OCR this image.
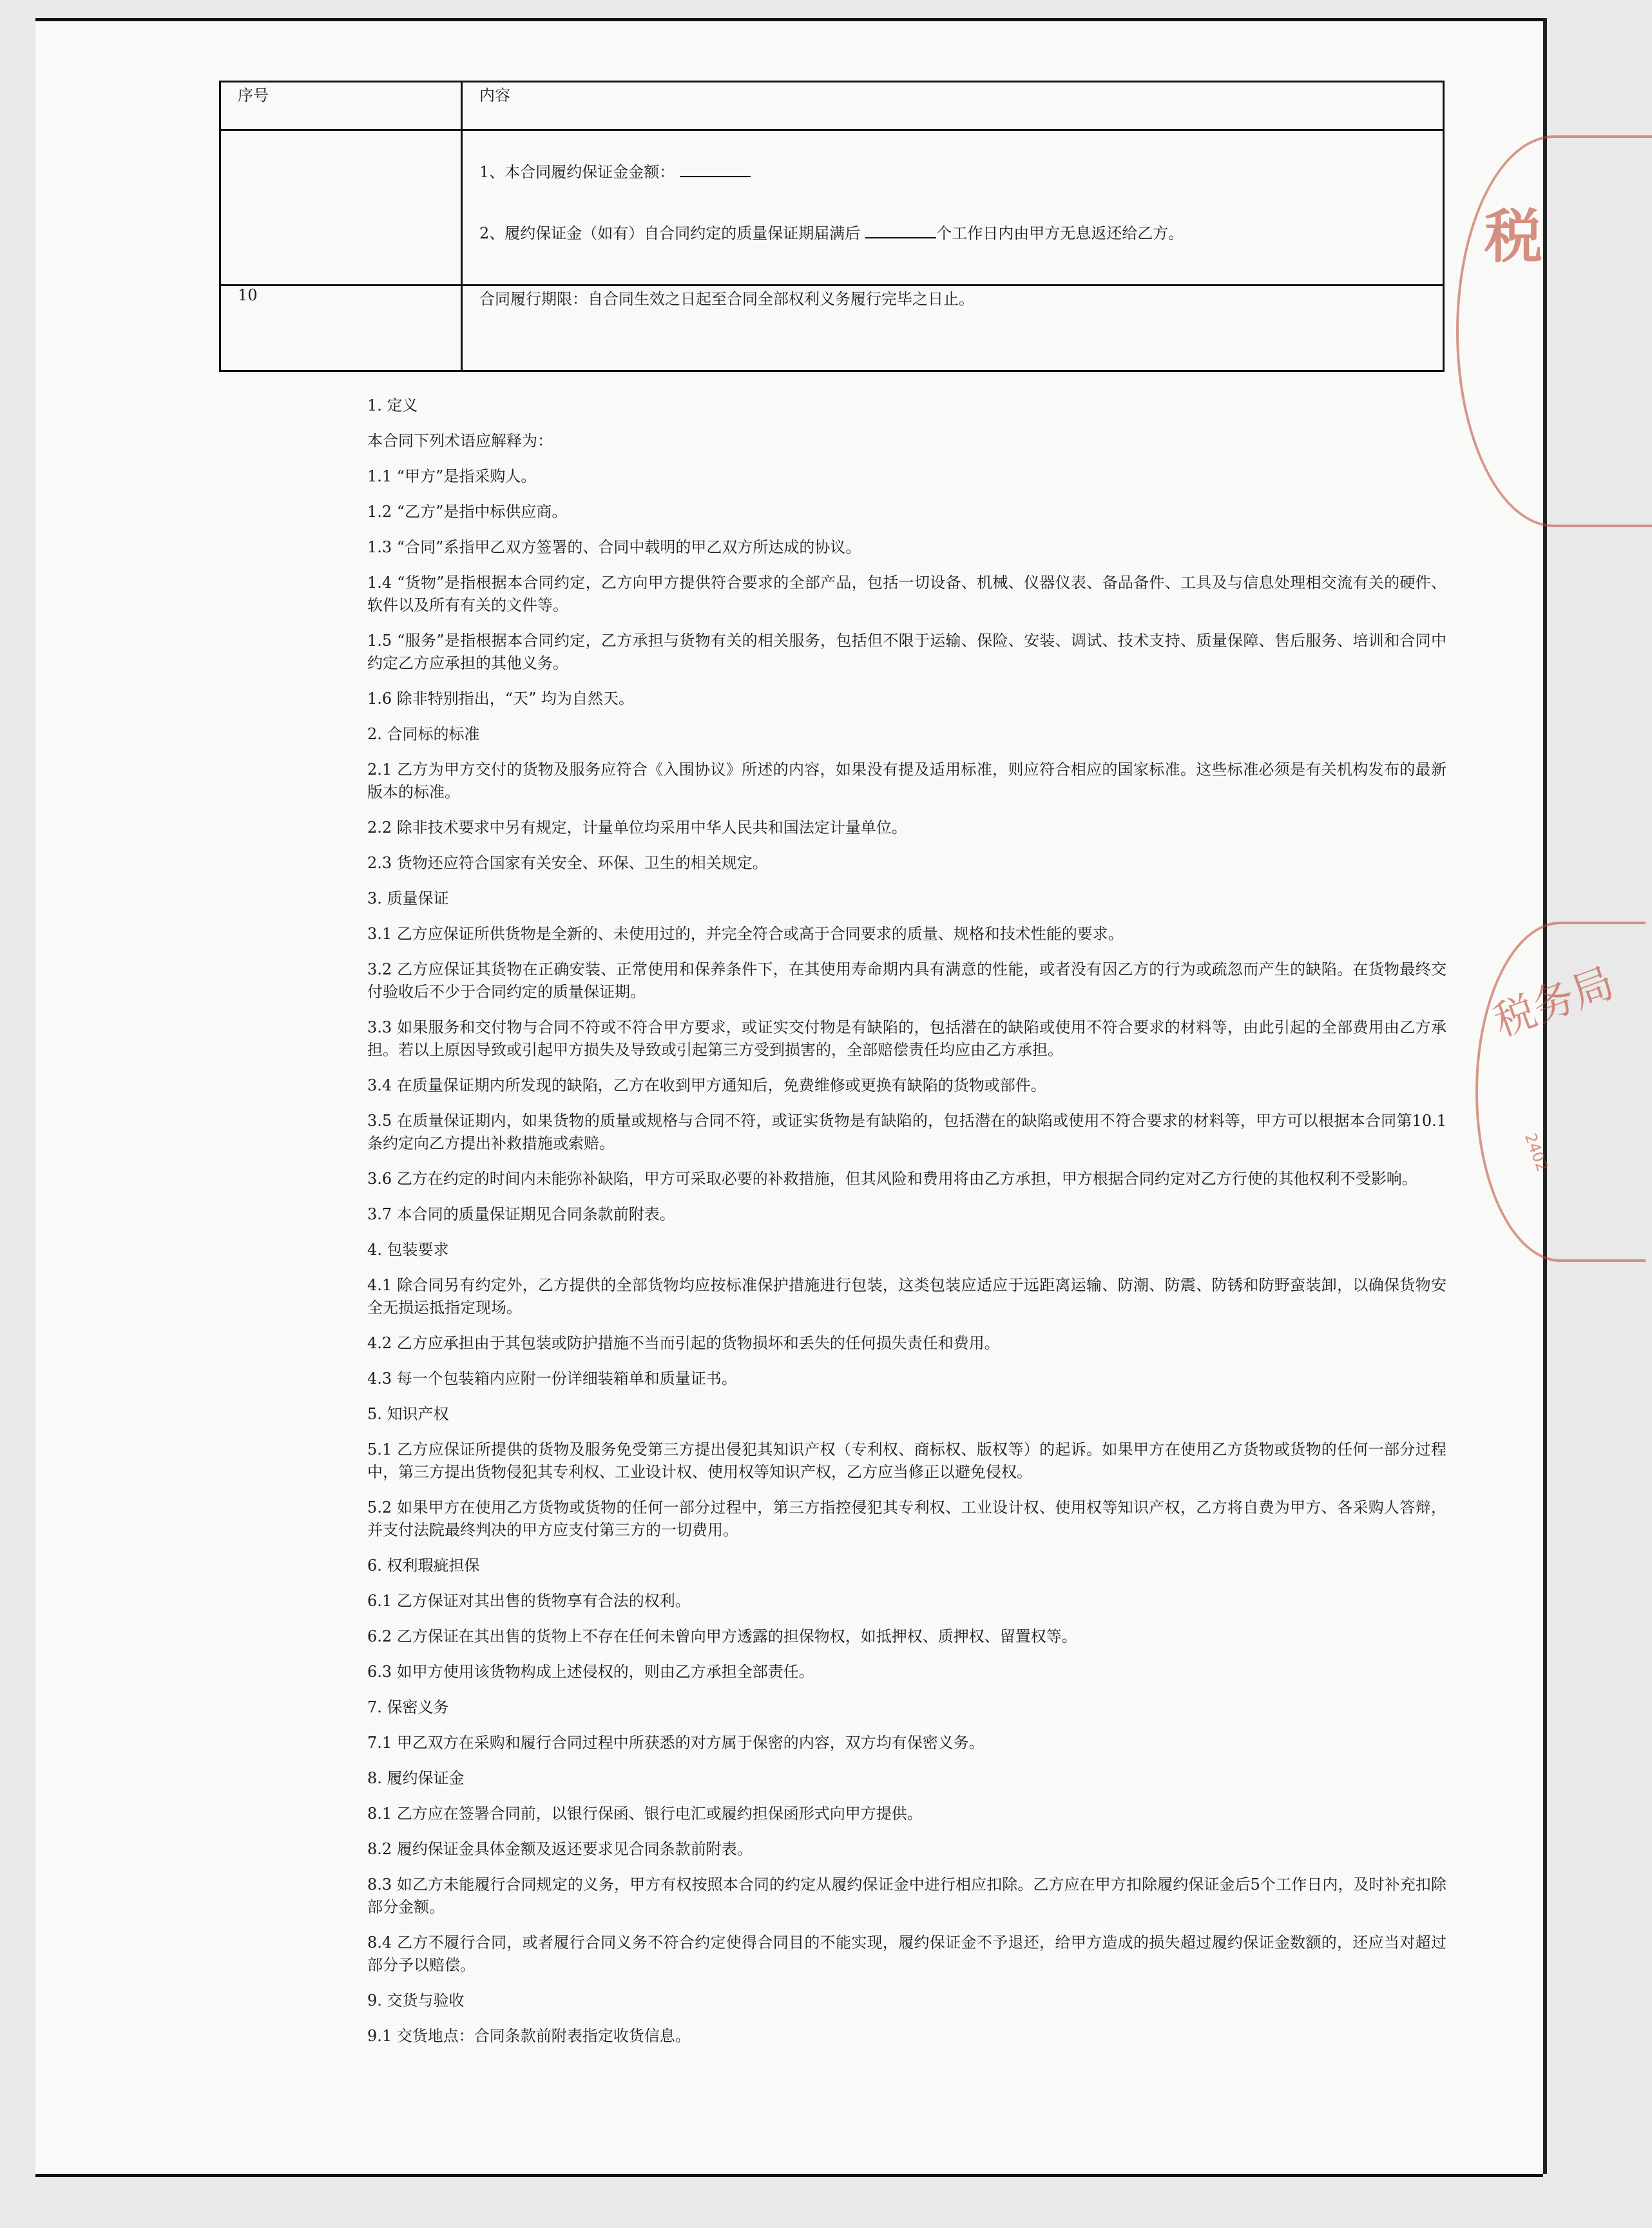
序号	内容

	1、本合同履约保证金金额：
2、履约保证金（如有）自合同约定的质量保证期届满后 个工作日内由甲方无息返还给乙方。

10	合同履行期限：自合同生效之日起至合同全部权利义务履行完毕之日止。
1. 定义
本合同下列术语应解释为：
1.1 “甲方”是指采购人。
1.2 “乙方”是指中标供应商。
1.3 “合同”系指甲乙双方签署的、合同中载明的甲乙双方所达成的协议。
1.4 “货物”是指根据本合同约定，乙方向甲方提供符合要求的全部产品，包括一切设备、机械、仪器仪表、备品备件、工具及与信息处理相交流有关的硬件、软件以及所有有关的文件等。
1.5 “服务”是指根据本合同约定，乙方承担与货物有关的相关服务，包括但不限于运输、保险、安装、调试、技术支持、质量保障、售后服务、培训和合同中约定乙方应承担的其他义务。
1.6 除非特别指出，“天” 均为自然天。
2. 合同标的标准
2.1 乙方为甲方交付的货物及服务应符合《入围协议》所述的内容，如果没有提及适用标准，则应符合相应的国家标准。这些标准必须是有关机构发布的最新版本的标准。
2.2 除非技术要求中另有规定，计量单位均采用中华人民共和国法定计量单位。
2.3 货物还应符合国家有关安全、环保、卫生的相关规定。
3. 质量保证
3.1 乙方应保证所供货物是全新的、未使用过的，并完全符合或高于合同要求的质量、规格和技术性能的要求。
3.2 乙方应保证其货物在正确安装、正常使用和保养条件下，在其使用寿命期内具有满意的性能，或者没有因乙方的行为或疏忽而产生的缺陷。在货物最终交付验收后不少于合同约定的质量保证期。
3.3 如果服务和交付物与合同不符或不符合甲方要求，或证实交付物是有缺陷的，包括潜在的缺陷或使用不符合要求的材料等，由此引起的全部费用由乙方承担。若以上原因导致或引起甲方损失及导致或引起第三方受到损害的，全部赔偿责任均应由乙方承担。
3.4 在质量保证期内所发现的缺陷，乙方在收到甲方通知后，免费维修或更换有缺陷的货物或部件。
3.5 在质量保证期内，如果货物的质量或规格与合同不符，或证实货物是有缺陷的，包括潜在的缺陷或使用不符合要求的材料等，甲方可以根据本合同第10.1条约定向乙方提出补救措施或索赔。
3.6 乙方在约定的时间内未能弥补缺陷，甲方可采取必要的补救措施，但其风险和费用将由乙方承担，甲方根据合同约定对乙方行使的其他权利不受影响。
3.7 本合同的质量保证期见合同条款前附表。
4. 包装要求
4.1 除合同另有约定外，乙方提供的全部货物均应按标准保护措施进行包装，这类包装应适应于远距离运输、防潮、防震、防锈和防野蛮装卸，以确保货物安全无损运抵指定现场。
4.2 乙方应承担由于其包装或防护措施不当而引起的货物损坏和丢失的任何损失责任和费用。
4.3 每一个包装箱内应附一份详细装箱单和质量证书。
5. 知识产权
5.1 乙方应保证所提供的货物及服务免受第三方提出侵犯其知识产权（专利权、商标权、版权等）的起诉。如果甲方在使用乙方货物或货物的任何一部分过程中，第三方提出货物侵犯其专利权、工业设计权、使用权等知识产权，乙方应当修正以避免侵权。
5.2 如果甲方在使用乙方货物或货物的任何一部分过程中，第三方指控侵犯其专利权、工业设计权、使用权等知识产权，乙方将自费为甲方、各采购人答辩，并支付法院最终判决的甲方应支付第三方的一切费用。
6. 权利瑕疵担保
6.1 乙方保证对其出售的货物享有合法的权利。
6.2 乙方保证在其出售的货物上不存在任何未曾向甲方透露的担保物权，如抵押权、质押权、留置权等。
6.3 如甲方使用该货物构成上述侵权的，则由乙方承担全部责任。
7. 保密义务
7.1 甲乙双方在采购和履行合同过程中所获悉的对方属于保密的内容，双方均有保密义务。
8. 履约保证金
8.1 乙方应在签署合同前，以银行保函、银行电汇或履约担保函形式向甲方提供。
8.2 履约保证金具体金额及返还要求见合同条款前附表。
8.3 如乙方未能履行合同规定的义务，甲方有权按照本合同的约定从履约保证金中进行相应扣除。乙方应在甲方扣除履约保证金后5个工作日内，及时补充扣除部分金额。
8.4 乙方不履行合同，或者履行合同义务不符合约定使得合同目的不能实现，履约保证金不予退还，给甲方造成的损失超过履约保证金数额的，还应当对超过部分予以赔偿。
9. 交货与验收
9.1 交货地点：合同条款前附表指定收货信息。
税
税务局
2402
